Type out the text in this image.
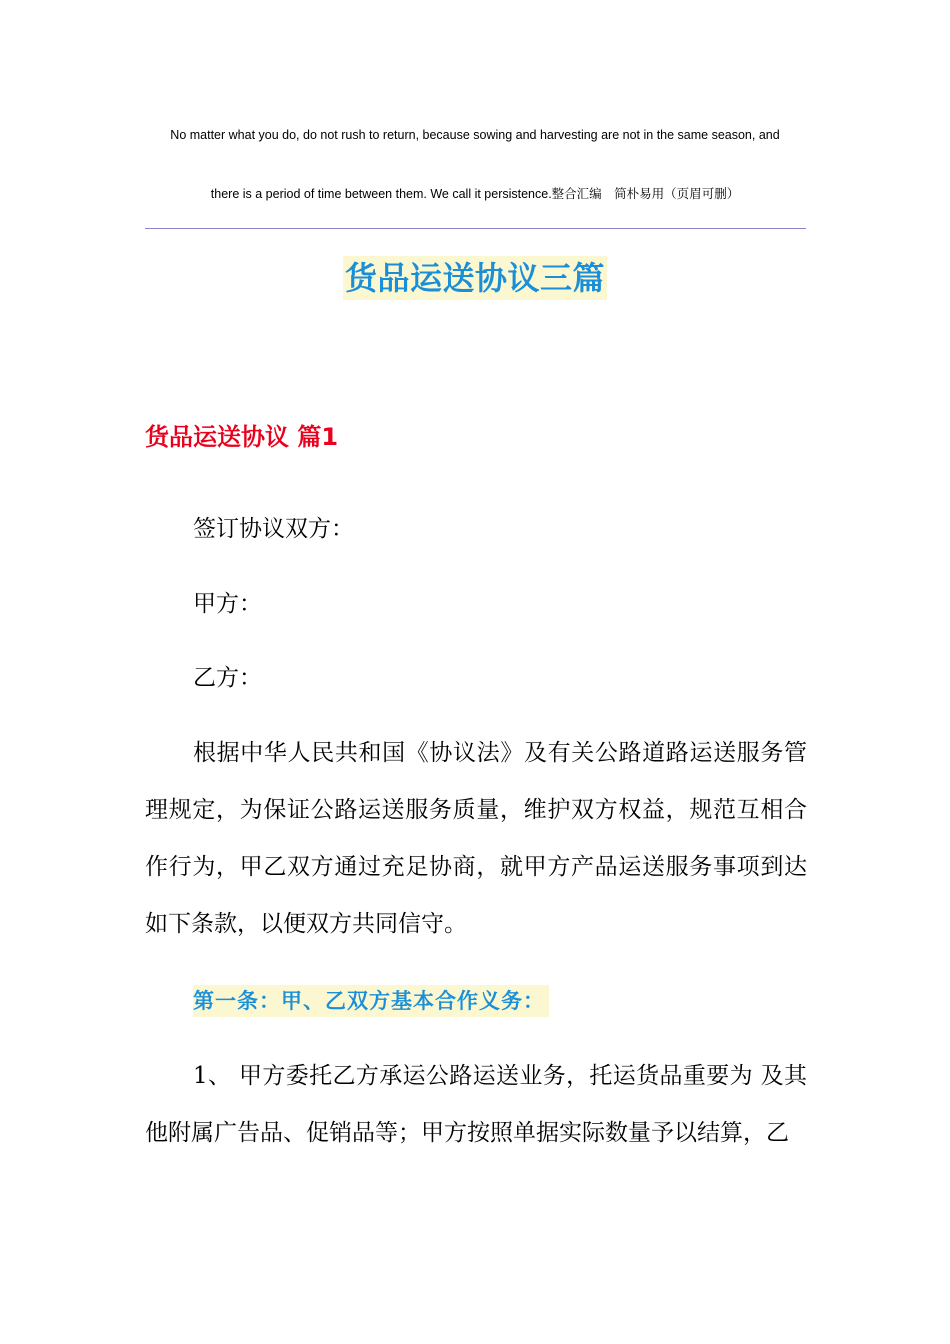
No matter what you do, do not rush to return, because sowing and harvesting are not in the same season, and
there is a period of time between them. We call it persistence.整合汇编　简朴易用（页眉可删）
货品运送协议三篇
货品运送协议 篇1
签订协议双方：
甲方：
乙方：

根据中华人民共和国《协议法》及有关公路道路运送服务管理规定，为保证公路运送服务质量，维护双方权益，规范互相合作行为，甲乙双方通过充足协商，就甲方产品运送服务事项到达如下条款，以便双方共同信守。

第一条：甲、乙双方基本合作义务：

1、 甲方委托乙方承运公路运送业务，托运货品重要为 及其他附属广告品、促销品等；甲方按照单据实际数量予以结算，乙
